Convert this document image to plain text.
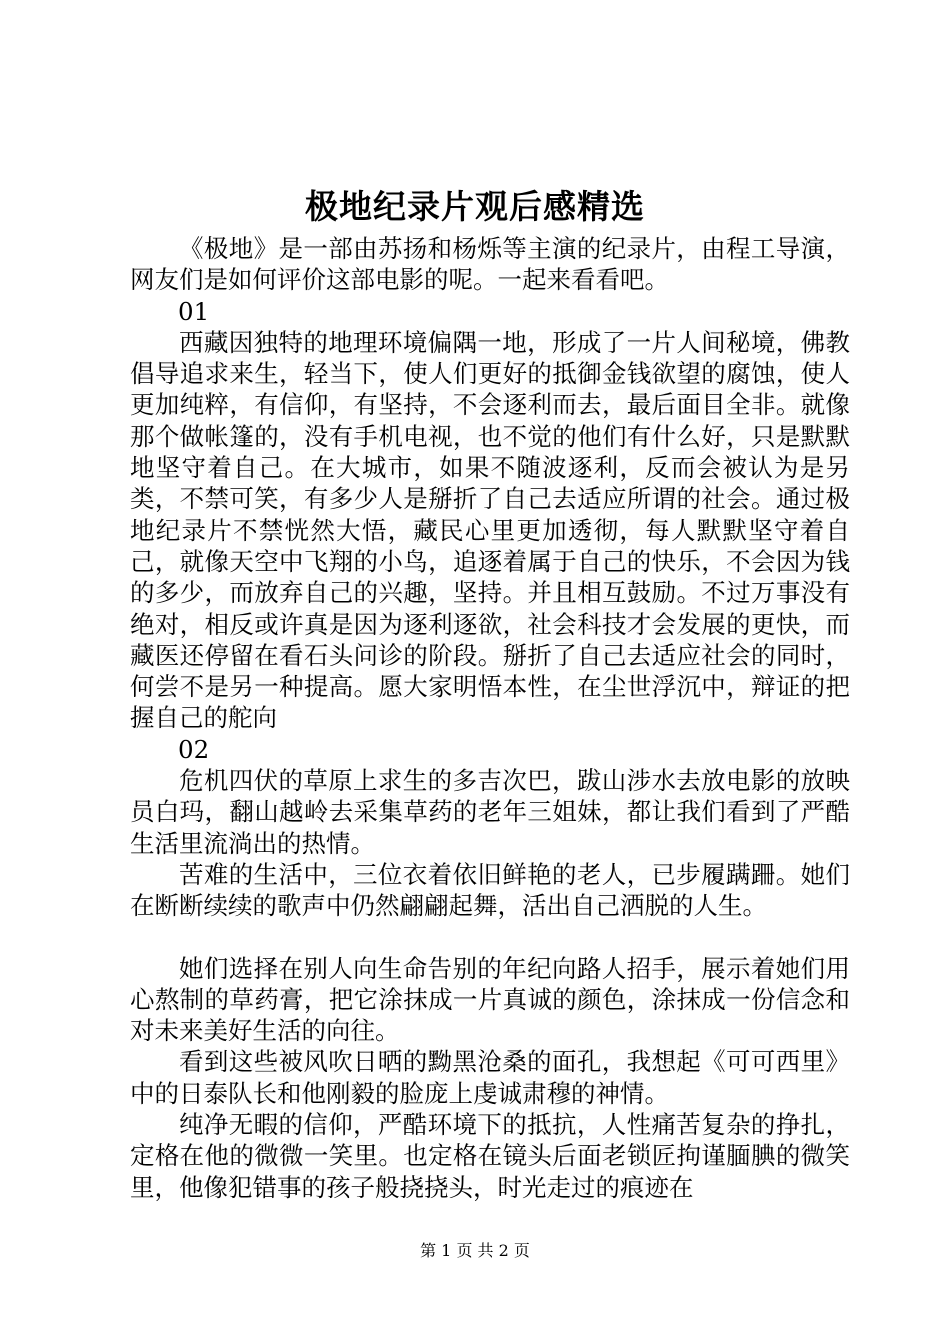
极地纪录片观后感精选

《极地》是一部由苏扬和杨烁等主演的纪录片，由程工导演，网友们是如何评价这部电影的呢。一起来看看吧。

01

西藏因独特的地理环境偏隅一地，形成了一片人间秘境，佛教倡导追求来生，轻当下，使人们更好的抵御金钱欲望的腐蚀，使人更加纯粹，有信仰，有坚持，不会逐利而去，最后面目全非。就像那个做帐篷的，没有手机电视，也不觉的他们有什么好，只是默默地坚守着自己。在大城市，如果不随波逐利，反而会被认为是另类，不禁可笑，有多少人是掰折了自己去适应所谓的社会。通过极地纪录片不禁恍然大悟，藏民心里更加透彻，每人默默坚守着自己，就像天空中飞翔的小鸟，追逐着属于自己的快乐，不会因为钱的多少，而放弃自己的兴趣，坚持。并且相互鼓励。不过万事没有绝对，相反或许真是因为逐利逐欲，社会科技才会发展的更快，而藏医还停留在看石头问诊的阶段。掰折了自己去适应社会的同时，何尝不是另一种提高。愿大家明悟本性，在尘世浮沉中，辩证的把握自己的舵向

02

危机四伏的草原上求生的多吉次巴，跋山涉水去放电影的放映员白玛，翻山越岭去采集草药的老年三姐妹，都让我们看到了严酷生活里流淌出的热情。

苦难的生活中，三位衣着依旧鲜艳的老人，已步履蹒跚。她们在断断续续的歌声中仍然翩翩起舞，活出自己洒脱的人生。

她们选择在别人向生命告别的年纪向路人招手，展示着她们用心熬制的草药膏，把它涂抹成一片真诚的颜色，涂抹成一份信念和对未来美好生活的向往。

看到这些被风吹日晒的黝黑沧桑的面孔，我想起《可可西里》中的日泰队长和他刚毅的脸庞上虔诚肃穆的神情。

纯净无暇的信仰，严酷环境下的抵抗，人性痛苦复杂的挣扎，定格在他的微微一笑里。也定格在镜头后面老锁匠拘谨腼腆的微笑里，他像犯错事的孩子般挠挠头，时光走过的痕迹在

第 1 页 共 2 页
